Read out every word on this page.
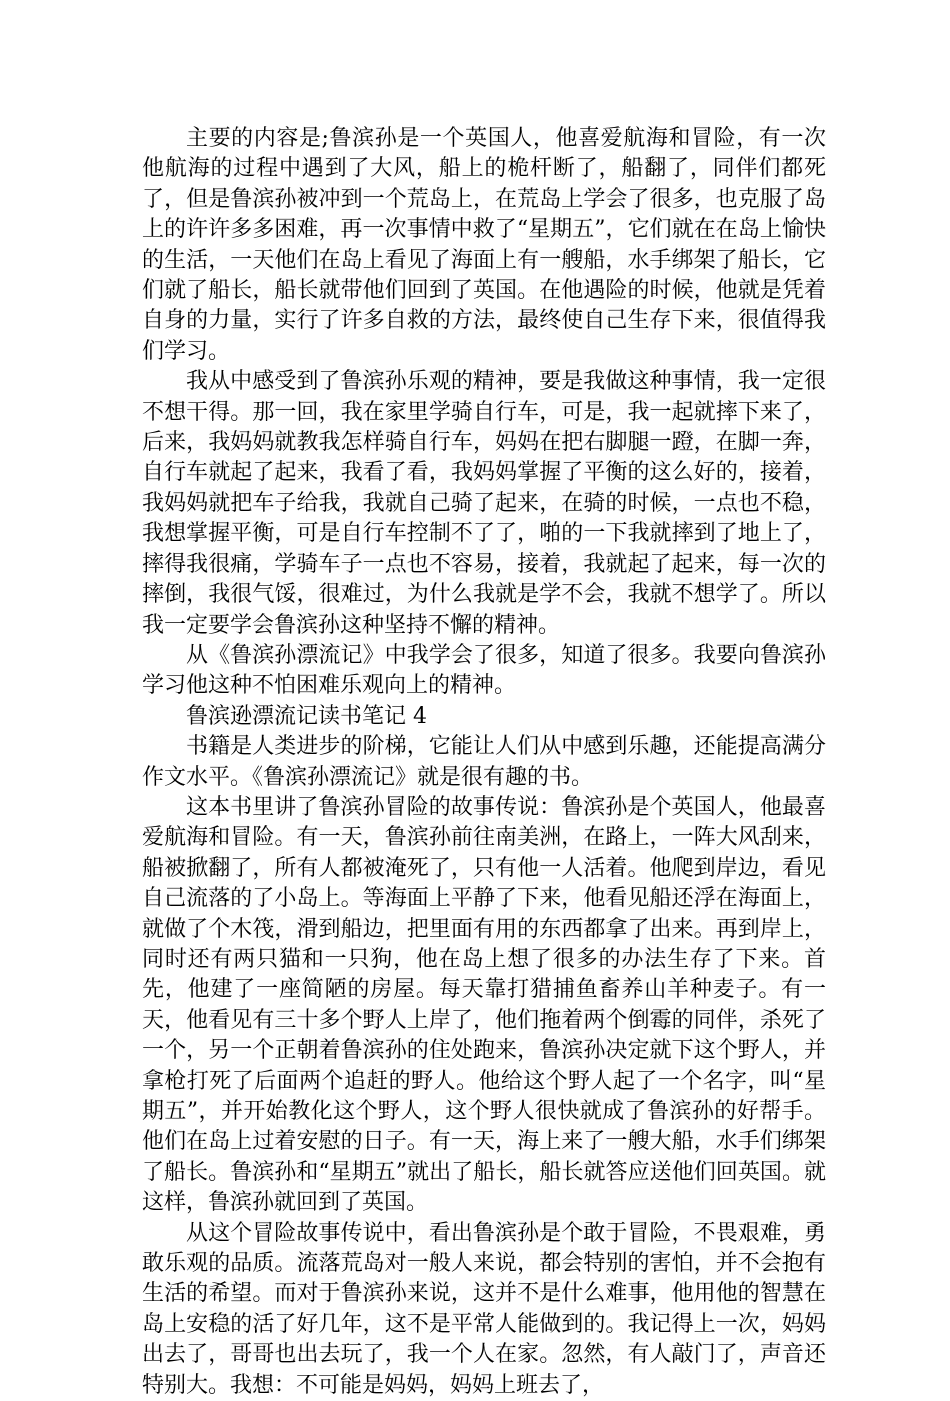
主要的内容是;鲁滨孙是一个英国人，他喜爱航海和冒险，有一次他航海的过程中遇到了大风，船上的桅杆断了，船翻了，同伴们都死了，但是鲁滨孙被冲到一个荒岛上，在荒岛上学会了很多，也克服了岛上的许许多多困难，再一次事情中救了“星期五”，它们就在在岛上愉快的生活，一天他们在岛上看见了海面上有一艘船，水手绑架了船长，它们就了船长，船长就带他们回到了英国。在他遇险的时候，他就是凭着自身的力量，实行了许多自救的方法，最终使自己生存下来，很值得我们学习。

我从中感受到了鲁滨孙乐观的精神，要是我做这种事情，我一定很不想干得。那一回，我在家里学骑自行车，可是，我一起就摔下来了，后来，我妈妈就教我怎样骑自行车，妈妈在把右脚腿一蹬，在脚一奔，自行车就起了起来，我看了看，我妈妈掌握了平衡的这么好的，接着，我妈妈就把车子给我，我就自己骑了起来，在骑的时候，一点也不稳，我想掌握平衡，可是自行车控制不了了，啪的一下我就摔到了地上了，摔得我很痛，学骑车子一点也不容易，接着，我就起了起来，每一次的摔倒，我很气馁，很难过，为什么我就是学不会，我就不想学了。所以我一定要学会鲁滨孙这种坚持不懈的精神。

从《鲁滨孙漂流记》中我学会了很多，知道了很多。我要向鲁滨孙学习他这种不怕困难乐观向上的精神。

鲁滨逊漂流记读书笔记 4

书籍是人类进步的阶梯，它能让人们从中感到乐趣，还能提高满分作文水平。《鲁滨孙漂流记》就是很有趣的书。

这本书里讲了鲁滨孙冒险的故事传说：鲁滨孙是个英国人，他最喜爱航海和冒险。有一天，鲁滨孙前往南美洲，在路上，一阵大风刮来，船被掀翻了，所有人都被淹死了，只有他一人活着。他爬到岸边，看见自己流落的了小岛上。等海面上平静了下来，他看见船还浮在海面上，就做了个木筏，滑到船边，把里面有用的东西都拿了出来。再到岸上，同时还有两只猫和一只狗，他在岛上想了很多的办法生存了下来。首先，他建了一座简陋的房屋。每天靠打猎捕鱼畜养山羊种麦子。有一天，他看见有三十多个野人上岸了，他们拖着两个倒霉的同伴，杀死了一个，另一个正朝着鲁滨孙的住处跑来，鲁滨孙决定就下这个野人，并拿枪打死了后面两个追赶的野人。他给这个野人起了一个名字，叫“星期五”，并开始教化这个野人，这个野人很快就成了鲁滨孙的好帮手。他们在岛上过着安慰的日子。有一天，海上来了一艘大船，水手们绑架了船长。鲁滨孙和“星期五”就出了船长，船长就答应送他们回英国。就这样，鲁滨孙就回到了英国。

从这个冒险故事传说中，看出鲁滨孙是个敢于冒险，不畏艰难，勇敢乐观的品质。流落荒岛对一般人来说，都会特别的害怕，并不会抱有生活的希望。而对于鲁滨孙来说，这并不是什么难事，他用他的智慧在岛上安稳的活了好几年，这不是平常人能做到的。我记得上一次，妈妈出去了，哥哥也出去玩了，我一个人在家。忽然，有人敲门了，声音还特别大。我想：不可能是妈妈，妈妈上班去了，
